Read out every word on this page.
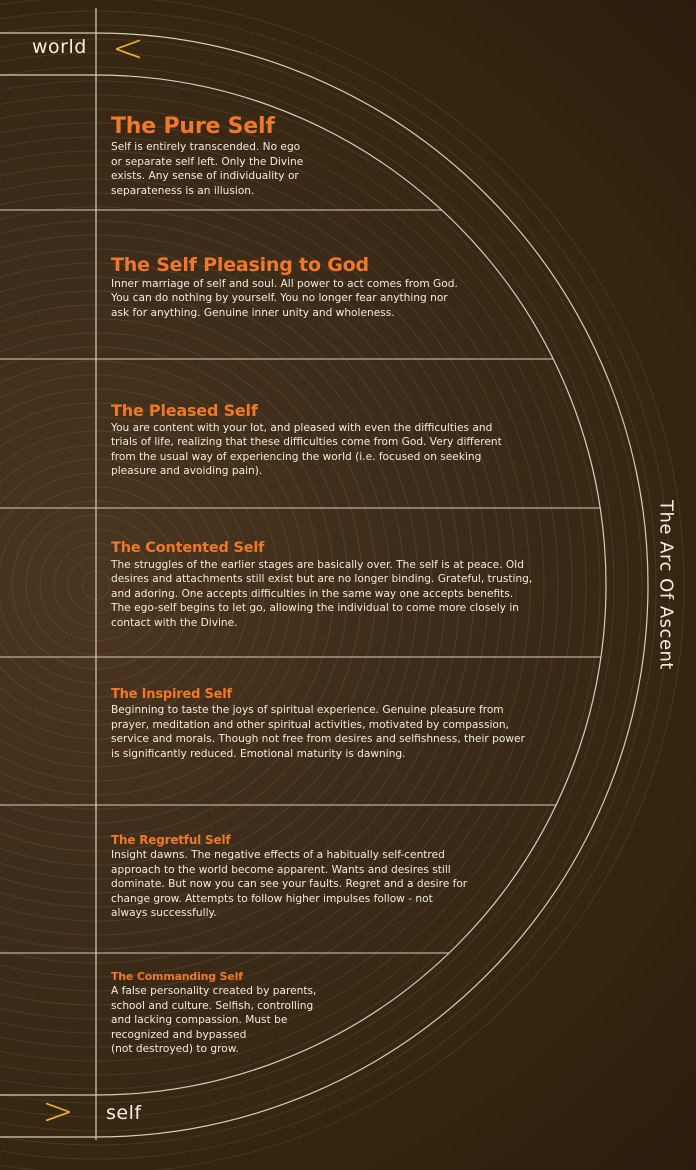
world <
self
>
The Arc Of Ascent
The Pure Self
Self is entirely transcended. No ego
or separate self left. Only the Divine
exists. Any sense of individuality or
separateness is an illusion.
The Self Pleasing to God
Inner marriage of self and soul. All power to act comes from God.
You can do nothing by yourself. You no longer fear anything nor
ask for anything. Genuine inner unity and wholeness.
The Pleased Self
You are content with your lot, and pleased with even the difficulties and
trials of life, realizing that these difficulties come from God. Very different
from the usual way of experiencing the world (i.e. focused on seeking
pleasure and avoiding pain).
The Contented Self
The struggles of the earlier stages are basically over. The self is at peace. Old
desires and attachments still exist but are no longer binding. Grateful, trusting,
and adoring. One accepts difficulties in the same way one accepts benefits.
The ego-self begins to let go, allowing the individual to come more closely in
contact with the Divine.
The Inspired Self
Beginning to taste the joys of spiritual experience. Genuine pleasure from
prayer, meditation and other spiritual activities, motivated by compassion,
service and morals. Though not free from desires and selfishness, their power
is significantly reduced. Emotional maturity is dawning.
The Regretful Self
Insight dawns. The negative effects of a habitually self-centred
approach to the world become apparent. Wants and desires still
dominate. But now you can see your faults. Regret and a desire for
change grow. Attempts to follow higher impulses follow - not
always successfully.
The Commanding Self
A false personality created by parents,
school and culture. Selfish, controlling
and lacking compassion. Must be
recognized and bypassed
(not destroyed) to grow.
